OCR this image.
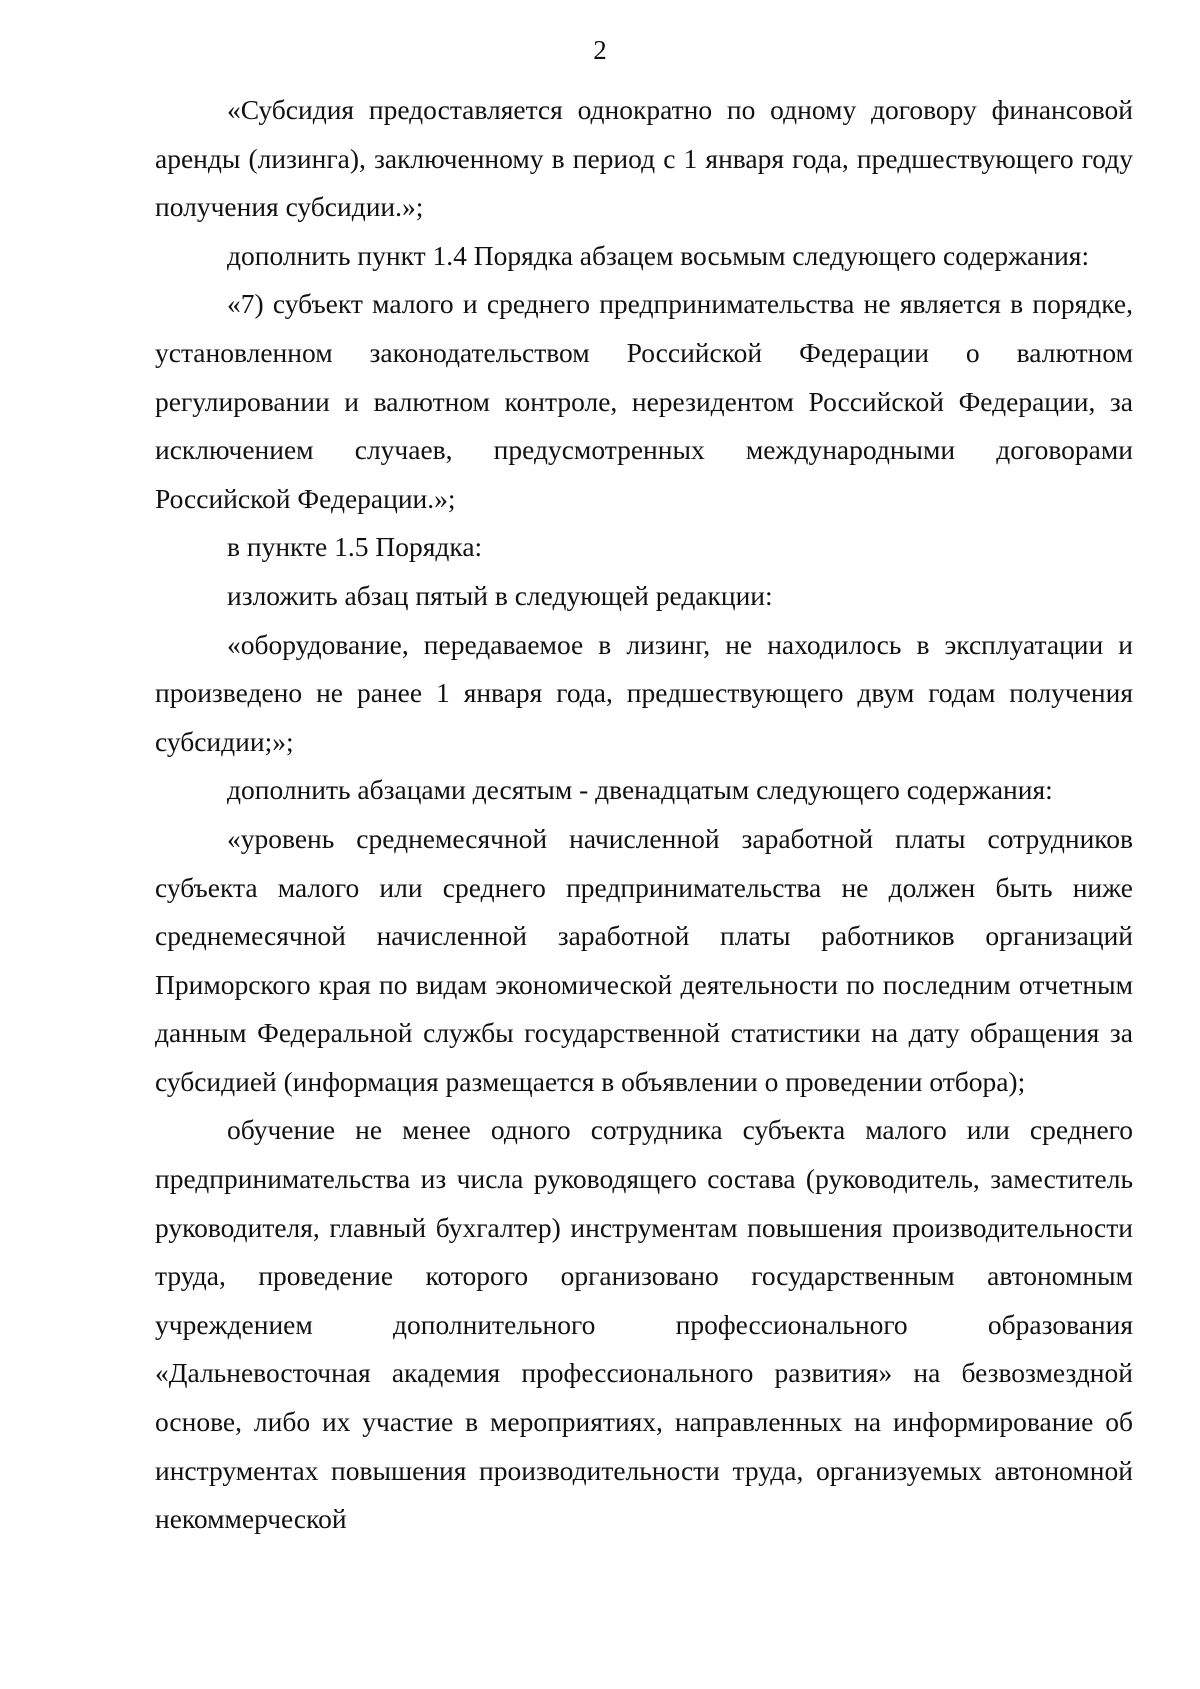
2

«Субсидия предоставляется однократно по одному договору финансовой аренды (лизинга), заключенному в период с 1 января года, предшествующего году получения субсидии.»;

дополнить пункт 1.4 Порядка абзацем восьмым следующего содержания:

«7) субъект малого и среднего предпринимательства не является в порядке, установленном законодательством Российской Федерации о валютном регулировании и валютном контроле, нерезидентом Российской Федерации, за исключением случаев, предусмотренных международными договорами Российской Федерации.»;

в пункте 1.5 Порядка:

изложить абзац пятый в следующей редакции:

«оборудование, передаваемое в лизинг, не находилось в эксплуатации и произведено не ранее 1 января года, предшествующего двум годам получения субсидии;»;

дополнить абзацами десятым - двенадцатым следующего содержания:

«уровень среднемесячной начисленной заработной платы сотрудников субъекта малого или среднего предпринимательства не должен быть ниже среднемесячной начисленной заработной платы работников организаций Приморского края по видам экономической деятельности по последним отчетным данным Федеральной службы государственной статистики на дату обращения за субсидией (информация размещается в объявлении о проведении отбора);

обучение не менее одного сотрудника субъекта малого или среднего предпринимательства из числа руководящего состава (руководитель, заместитель руководителя, главный бухгалтер) инструментам повышения производительности труда, проведение которого организовано государственным автономным учреждением дополнительного профессионального образования «Дальневосточная академия профессионального развития» на безвозмездной основе, либо их участие в мероприятиях, направленных на информирование об инструментах повышения производительности труда, организуемых автономной некоммерческой
